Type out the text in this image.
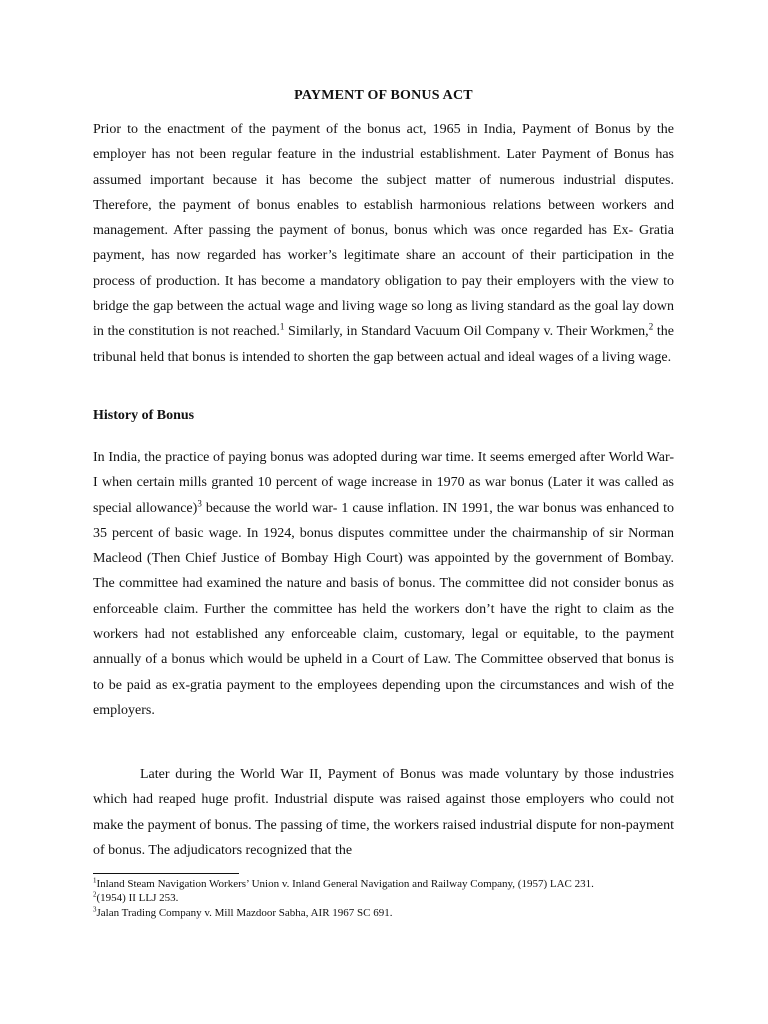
PAYMENT OF BONUS ACT

Prior to the enactment of the payment of the bonus act, 1965 in India, Payment of Bonus by the employer has not been regular feature in the industrial establishment. Later Payment of Bonus has assumed important because it has become the subject matter of numerous industrial disputes. Therefore, the payment of bonus enables to establish harmonious relations between workers and management. After passing the payment of bonus, bonus which was once regarded has Ex- Gratia payment, has now regarded has worker’s legitimate share an account of their participation in the process of production. It has become a mandatory obligation to pay their employers with the view to bridge the gap between the actual wage and living wage so long as living standard as the goal lay down in the constitution is not reached.$^1$ Similarly, in Standard Vacuum Oil Company v. Their Workmen,$^2$ the tribunal held that bonus is intended to shorten the gap between actual and ideal wages of a living wage.

History of Bonus

In India, the practice of paying bonus was adopted during war time. It seems emerged after World War-I when certain mills granted 10 percent of wage increase in 1970 as war bonus (Later it was called as special allowance)$^3$ because the world war- 1 cause inflation. IN 1991, the war bonus was enhanced to 35 percent of basic wage. In 1924, bonus disputes committee under the chairmanship of sir Norman Macleod (Then Chief Justice of Bombay High Court) was appointed by the government of Bombay. The committee had examined the nature and basis of bonus. The committee did not consider bonus as enforceable claim. Further the committee has held the workers don’t have the right to claim as the workers had not established any enforceable claim, customary, legal or equitable, to the payment annually of a bonus which would be upheld in a Court of Law. The Committee observed that bonus is to be paid as ex-gratia payment to the employees depending upon the circumstances and wish of the employers.

Later during the World War II, Payment of Bonus was made voluntary by those industries which had reaped huge profit. Industrial dispute was raised against those employers who could not make the payment of bonus. The passing of time, the workers raised industrial dispute for non-payment of bonus. The adjudicators recognized that the

$^1$Inland Steam Navigation Workers’ Union v. Inland General Navigation and Railway Company, (1957) LAC 231.

$^2$(1954) II LLJ 253.

$^3$Jalan Trading Company v. Mill Mazdoor Sabha, AIR 1967 SC 691.
